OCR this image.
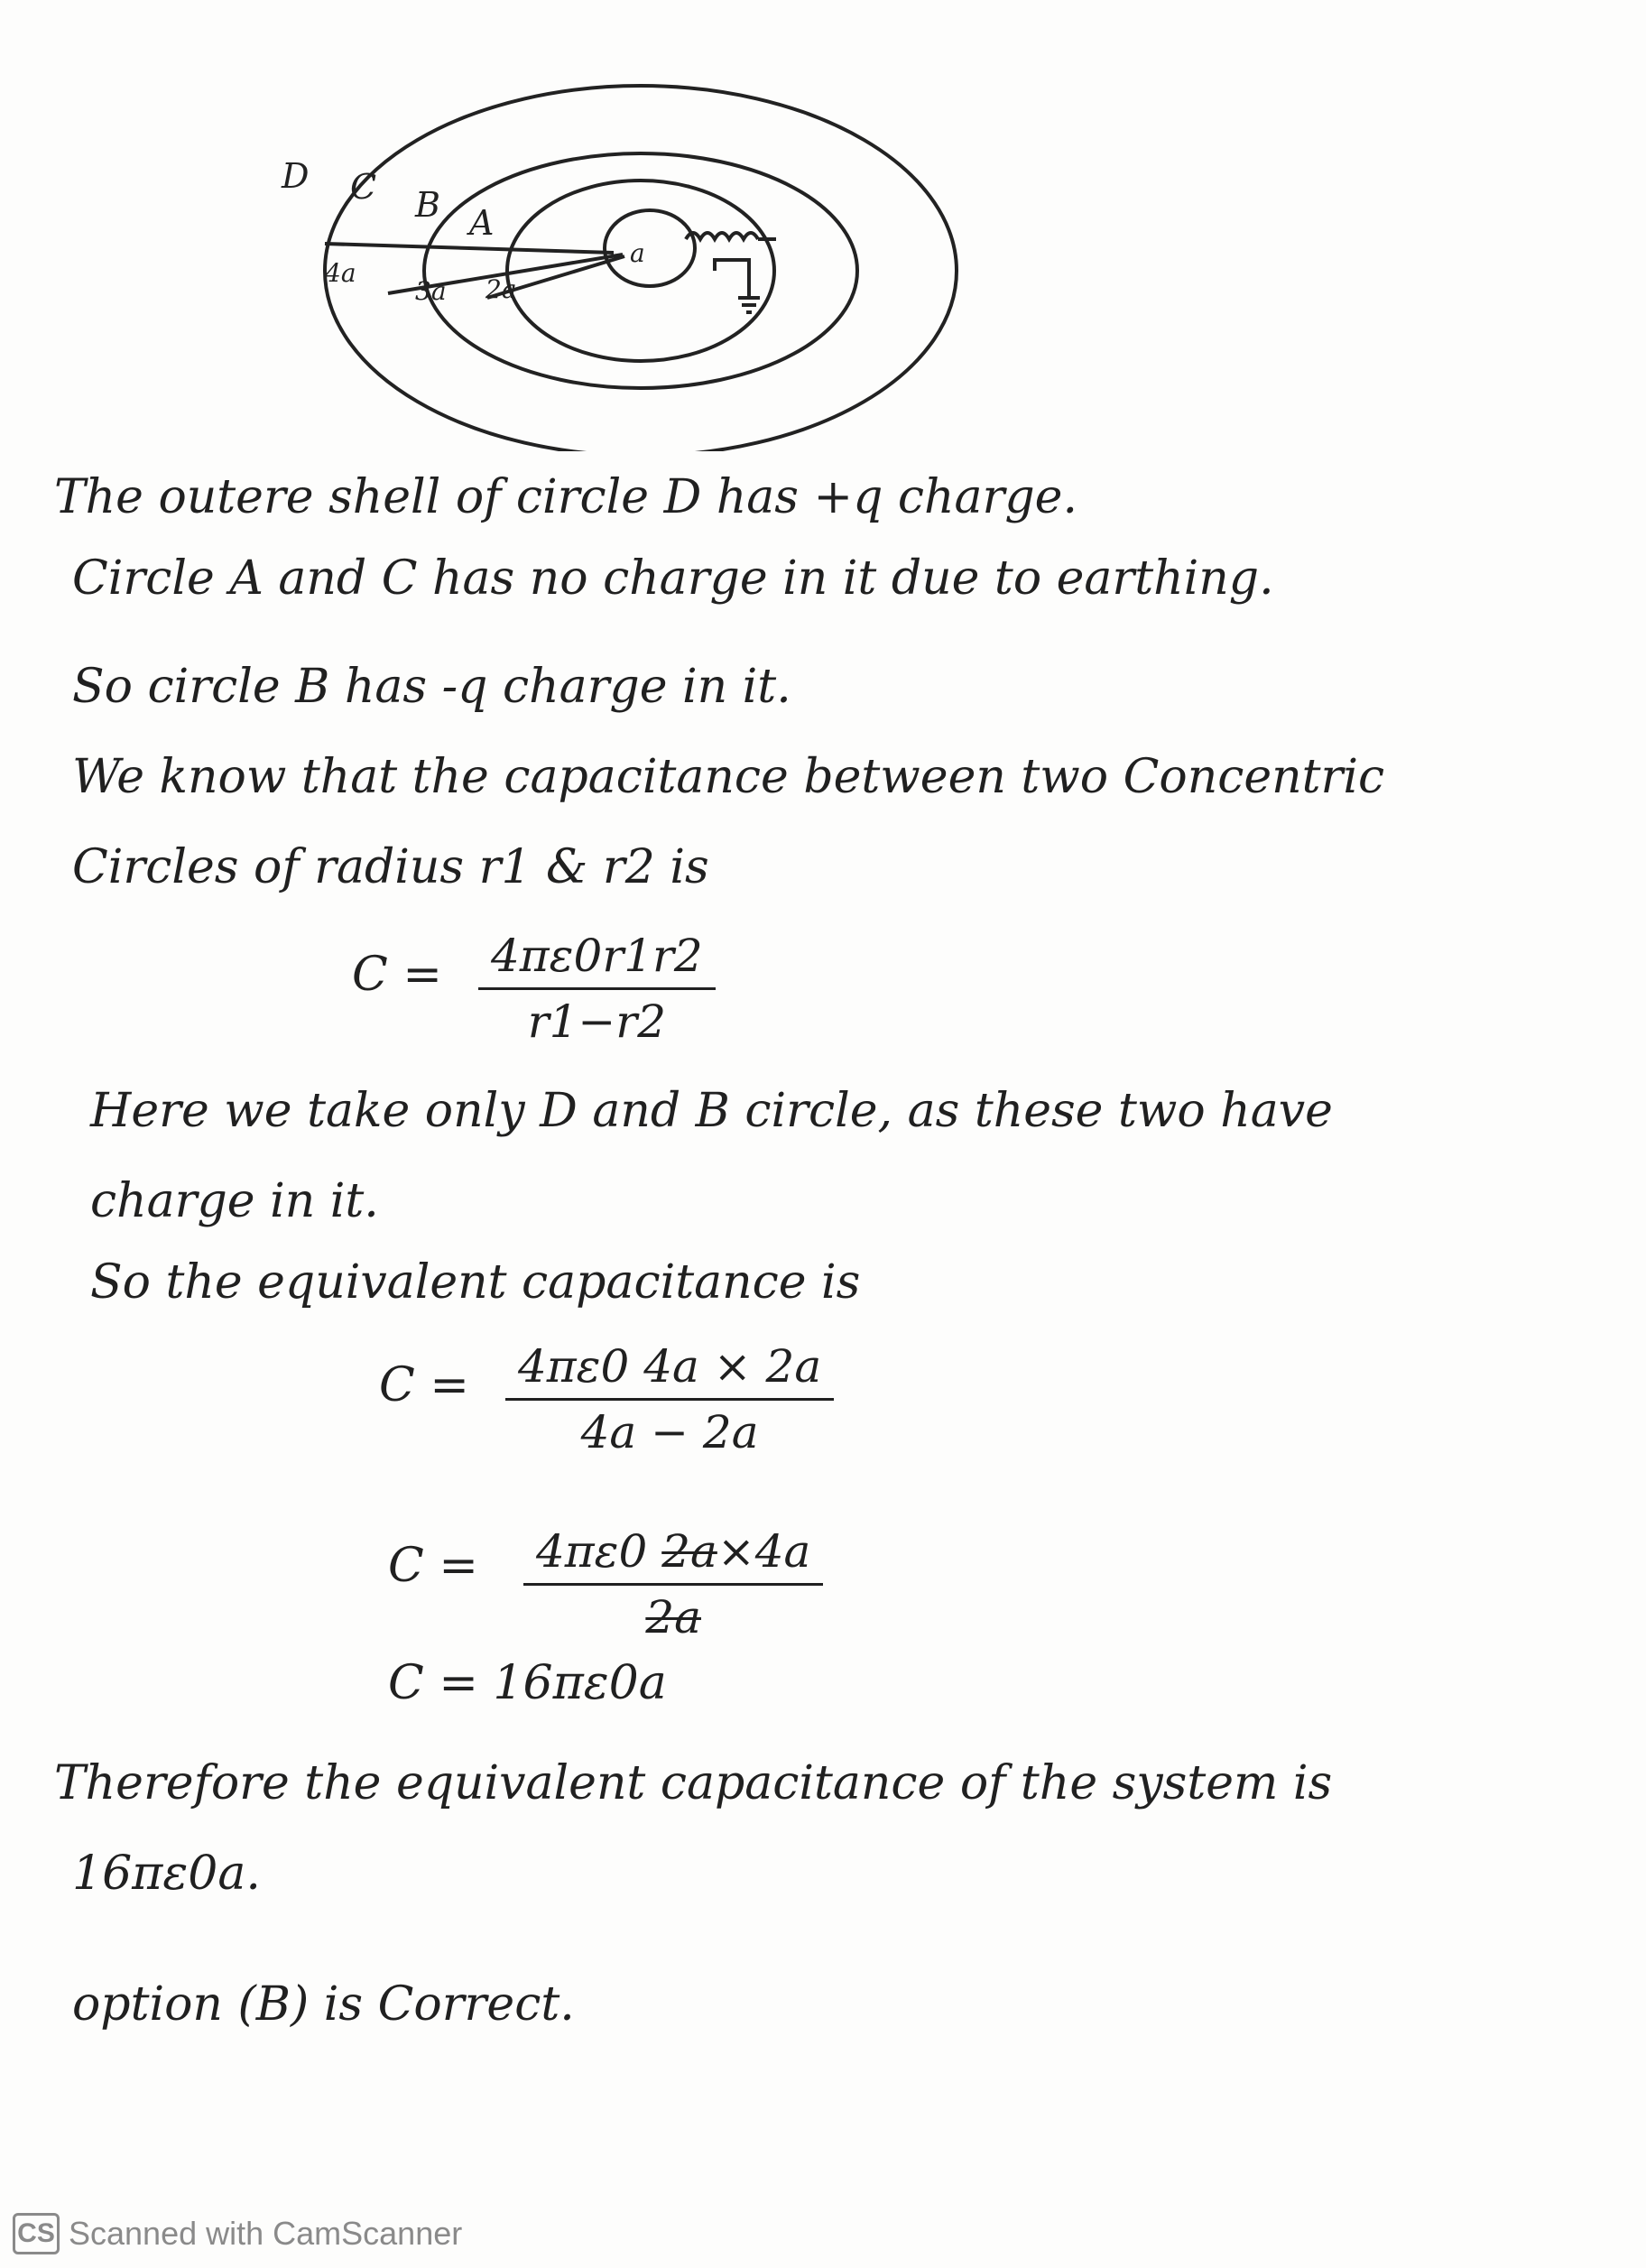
D C B A
4a
3a 2a
a
The outere shell of circle D has +q charge.
Circle A and C has no charge in it due to earthing.
So circle B has -q charge in it.
We know that the capacitance between two Concentric
Circles of radius r1 & r2 is
$C = \frac{4\pi\varepsilon 0r1r2}{r1-r2}$
Here we take only D and B circle, as these two have
charge in it.
So the equivalent capacitance is
$C = \frac{4\pi\varepsilon 0 4a \times 2a}{4a - 2a}$
$C = \frac{4\pi\varepsilon 0 2a\times 4a}{2a}$
C = 16πε0a
Therefore the equivalent capacitance of the system is
16πε0a.
option (B) is Correct.
CS Scanned with CamScanner
